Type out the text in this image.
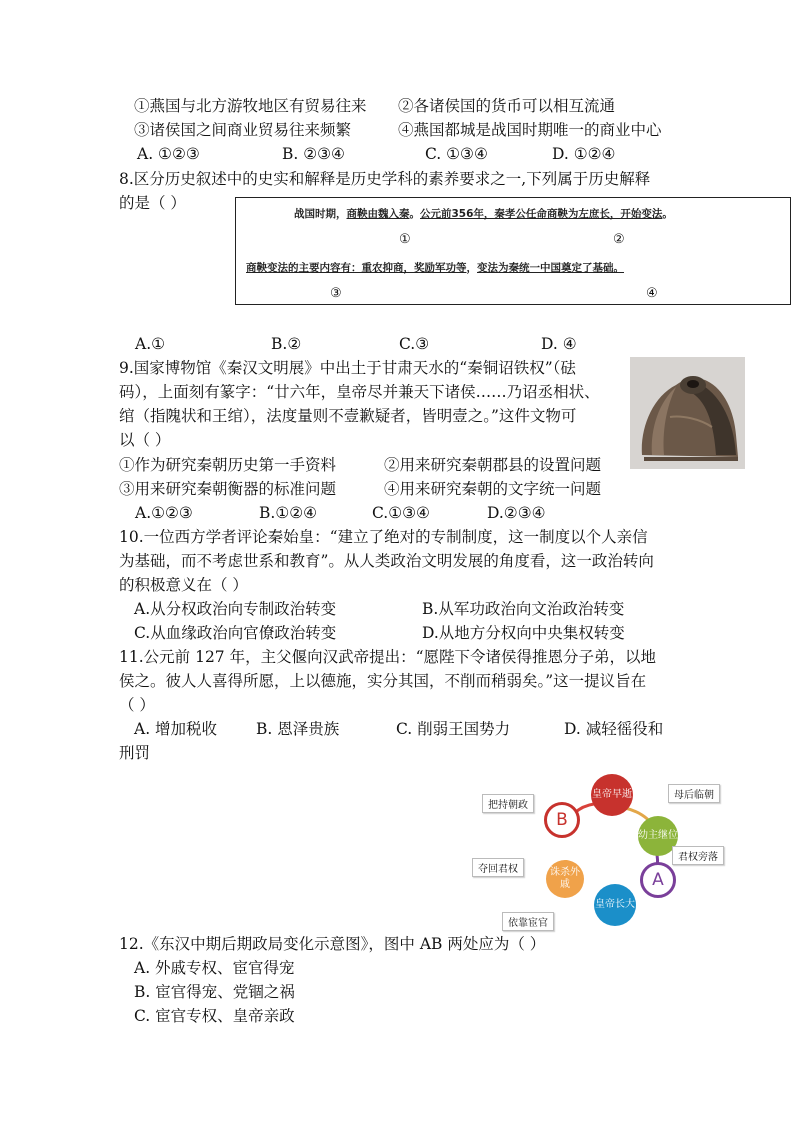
①燕国与北方游牧地区有贸易往来 ②各诸侯国的货币可以相互流通
③诸侯国之间商业贸易往来频繁	④燕国都城是战国时期唯一的商业中心
A. ①②③	B. ②③④	C. ①③④	D. ①②④
8.区分历史叙述中的史实和解释是历史学科的素养要求之一,下列属于历史解释
的是（ ）
战国时期，商鞅由魏入秦。公元前356年，秦孝公任命商鞅为左庶长，开始变法。
①	②
商鞅变法的主要内容有：重农抑商，奖励军功等，变法为秦统一中国奠定了基础。
③	④
A.①	B.②	C.③	D. ④
9.国家博物馆《秦汉文明展》中出土于甘肃天水的“秦铜诏铁权”（砝
码），上面刻有篆字：“廿六年，皇帝尽并兼天下诸侯……乃诏丞相状、
绾（指隗状和王绾），法度量则不壹歉疑者，皆明壹之。”这件文物可
以（ ）
①作为研究秦朝历史第一手资料	②用来研究秦朝郡县的设置问题
③用来研究秦朝衡器的标准问题	④用来研究秦朝的文字统一问题
A.①②③	B.①②④	C.①③④	D.②③④
10.一位西方学者评论秦始皇：“建立了绝对的专制制度，这一制度以个人亲信
为基础，而不考虑世系和教育”。从人类政治文明发展的角度看，这一政治转向
的积极意义在（ ）
A.从分权政治向专制政治转变	B.从军功政治向文治政治转变
C.从血缘政治向官僚政治转变	D.从地方分权向中央集权转变
11.公元前 127 年，主父偃向汉武帝提出：“愿陛下令诸侯得推恩分子弟，以地
侯之。彼人人喜得所愿，上以德施，实分其国，不削而稍弱矣。”这一提议旨在
（ ）
A. 增加税收	B. 恩泽贵族	C. 削弱王国势力	D. 减轻徭役和
刑罚
皇帝早逝
幼主继位
皇帝长大
诛杀外戚
B
A
把持朝政
母后临朝
君权旁落
夺回君权
依靠宦官
12.《东汉中期后期政局变化示意图》，图中 AB 两处应为（ ）
A. 外戚专权、宦官得宠
B. 宦官得宠、党锢之祸
C. 宦官专权、皇帝亲政
